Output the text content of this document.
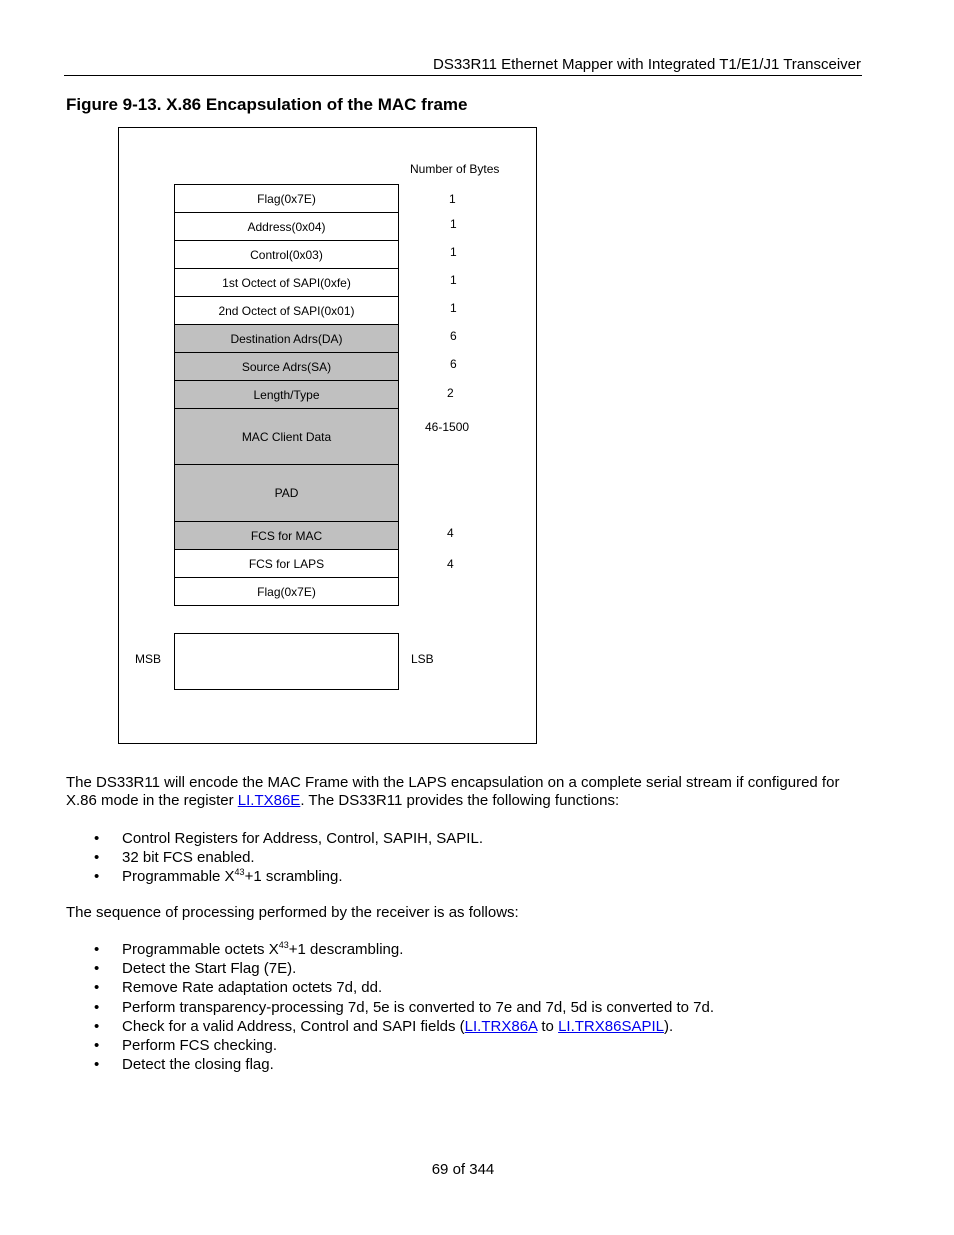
DS33R11 Ethernet Mapper with Integrated T1/E1/J1 Transceiver
Figure 9-13. X.86 Encapsulation of the MAC frame
Number of Bytes
Flag(0x7E)
Address(0x04)
Control(0x03)
1st Octect of SAPI(0xfe)
2nd Octect of SAPI(0x01)
Destination Adrs(DA)
Source Adrs(SA)
Length/Type
MAC Client Data
PAD
FCS for MAC
FCS for LAPS
Flag(0x7E)
1
1
1
1
1
6
6
2
46-1500
4
4
MSB	LSB

The DS33R11 will encode the MAC Frame with the LAPS encapsulation on a complete serial stream if configured for X.86 mode in the register LI.TX86E. The DS33R11 provides the following functions:

• Control Registers for Address, Control, SAPIH, SAPIL.
• 32 bit FCS enabled.
• Programmable $X^{43}+1$ scrambling.

The sequence of processing performed by the receiver is as follows:

• Programmable octets $X^{43}+1$ descrambling.
• Detect the Start Flag (7E).
• Remove Rate adaptation octets 7d, dd.
• Perform transparency-processing 7d, 5e is converted to 7e and 7d, 5d is converted to 7d.
• Check for a valid Address, Control and SAPI fields (LI.TRX86A to LI.TRX86SAPIL).
• Perform FCS checking.
• Detect the closing flag.
69 of 344
